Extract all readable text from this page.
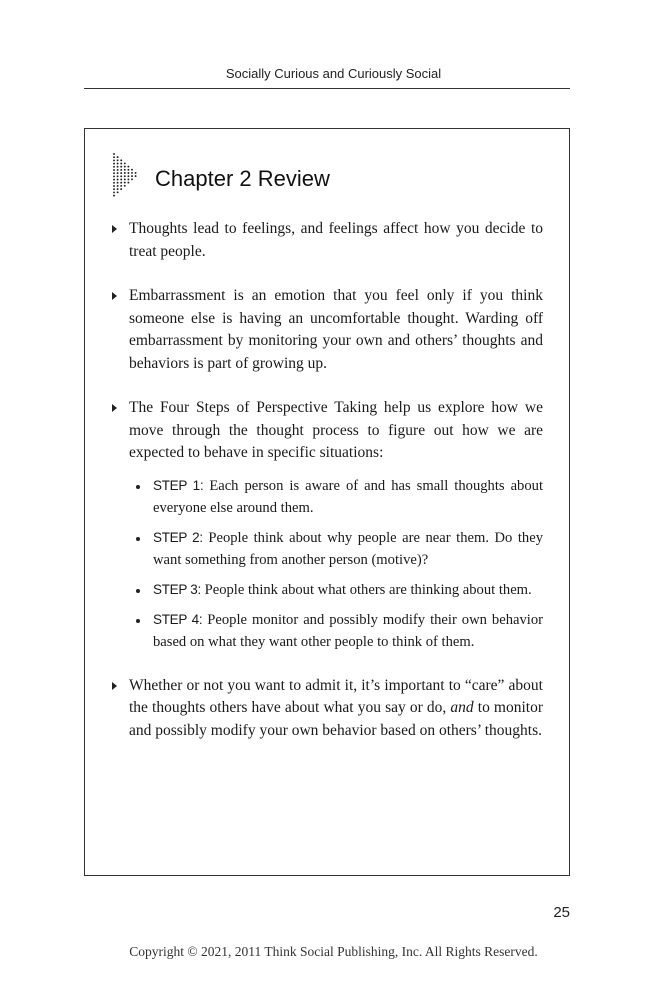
Socially Curious and Curiously Social
Chapter 2 Review
Thoughts lead to feelings, and feelings affect how you decide to treat people.
Embarrassment is an emotion that you feel only if you think someone else is having an uncomfortable thought. Warding off embarrassment by monitoring your own and others’ thoughts and behaviors is part of growing up.
The Four Steps of Perspective Taking help us explore how we move through the thought process to figure out how we are expected to behave in specific situations:
STEP 1: Each person is aware of and has small thoughts about everyone else around them.
STEP 2: People think about why people are near them. Do they want something from another person (motive)?
STEP 3: People think about what others are thinking about them.
STEP 4: People monitor and possibly modify their own behavior based on what they want other people to think of them.
Whether or not you want to admit it, it’s important to “care” about the thoughts others have about what you say or do, and to monitor and possibly modify your own behavior based on others’ thoughts.
25
Copyright © 2021, 2011 Think Social Publishing, Inc. All Rights Reserved.
